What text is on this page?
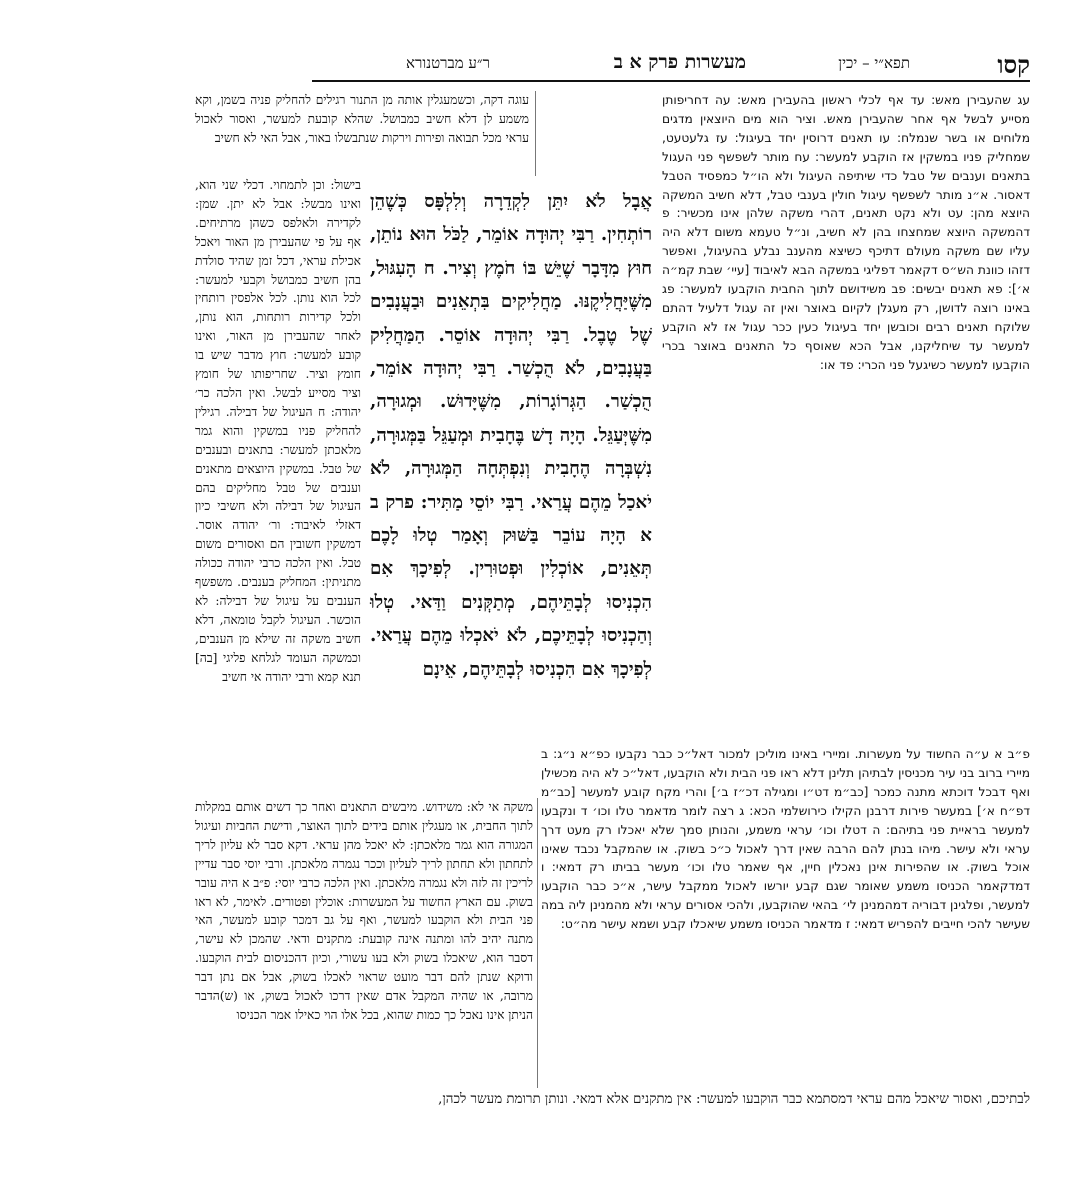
קסו
תפא״י – יכין
מעשרות פרק א ב
ר״ע מברטנורא

עג שהעבירן מאש: עד אף לכלי ראשון בהעבירן מאש: עה דחריפותן מסייע לבשל אף אחר שהעבירן מאש. וציר הוא מים היוצאין מדגים מלוחים או בשר שנמלח: עו תאנים דרוסין יחד בעיגול: עז גלעטעט, שמחליק פניו במשקין אז הוקבע למעשר: עח מותר לשפשף פני העגול בתאנים וענבים של טבל כדי שיתיפה העיגול ולא הו״ל כמפסיד הטבל דאסור. א״נ מותר לשפשף עיגול חולין בענבי טבל, דלא חשיב המשקה היוצא מהן: עט ולא נקט תאנים, דהרי משקה שלהן אינו מכשיר: פ דהמשקה היוצא שמחצחו בהן לא חשיב, ונ״ל טעמא משום דלא היה עליו שם משקה מעולם דתיכף כשיצא מהענב נבלע בהעיגול, ואפשר דזהו כוונת הש״ס דקאמר דפליגי במשקה הבא לאיבוד [עיי׳ שבת קמ״ה א׳]: פא תאנים יבשים: פב משידושם לתוך החבית הוקבעו למעשר: פג באינו רוצה לדושן, רק מעגלן לקיום באוצר ואין זה עגול דלעיל דהתם שלוקח תאנים רבים וכובשן יחד בעיגול כעין ככר עגול אז לא הוקבע למעשר עד שיחליקנו, אבל הכא שאוסף כל התאנים באוצר בכרי הוקבעו למעשר כשיגעל פני הכרי: פד או:

עוגה דקה, וכשמעגלין אותה מן התנור רגילים להחליק פניה בשמן, וקא משמע לן דלא חשיב כמבושל. שהלא קובעת למעשר, ואסור לאכול עראי מכל תבואה ופירות וירקות שנתבשלו באור, אבל האי לא חשיב

אֲבָל לֹא יִתֵּן לִקְדֵרָה וְלִלְפָּס כְּשֶׁהֵן רוֹתְחִין. רַבִּי יְהוּדָה אוֹמֵר, לַכֹּל הוּא נוֹתֵן, חוּץ מִדָּבָר שֶׁיֵּשׁ בּוֹ חֹמֶץ וְצִיר. ח הָעִגּוּל, מִשֶּׁיַּחֲלִיקֶנּוּ. מַחֲלִיקִים בִּתְאֵנִים וּבַעֲנָבִים שֶׁל טֶבֶל. רַבִּי יְהוּדָה אוֹסֵר. הַמַּחֲלִיק בַּעֲנָבִים, לֹא הֻכְשַׁר. רַבִּי יְהוּדָה אוֹמֵר, הֻכְשַׁר. הַגְּרוֹגָרוֹת, מִשֶּׁיָּדוּשׁ. וּמְגוּרָה, מִשֶּׁיְּעַגֵּל. הָיָה דָשׁ בֶּחָבִית וּמְעַגֵּל בַּמְּגוּרָה, נִשְׁבְּרָה הֶחָבִית וְנִפְתְּחָה הַמְּגוּרָה, לֹא יֹאכַל מֵהֶם עֲרַאי. רַבִּי יוֹסֵי מַתִּיר: פרק ב א הָיָה עוֹבֵר בַּשּׁוּק וְאָמַר טְלוּ לָכֶם תְּאֵנִים, אוֹכְלִין וּפְטוּרִין. לְפִיכָךְ אִם הִכְנִיסוּ לְבָתֵּיהֶם, מְתַקְּנִים וַדַּאי. טְלוּ וְהַכְנִיסוּ לְבָתֵּיכֶם, לֹא יֹאכְלוּ מֵהֶם עֲרַאי. לְפִיכָךְ אִם הִכְנִיסוּ לְבָתֵּיהֶם, אֵינָם

בישול: וכן לתמחוי. דכלי שני הוא, ואינו מבשל: אבל לא יתן. שמן: לקדירה ולאלפס כשהן מרתיחים. אף על פי שהעבירן מן האור ויאכל אכילת עראי, דכל זמן שהיד סולדת בהן חשיב כמבושל וקבעי למעשר: לכל הוא נותן. לכל אלפסין רותחין ולכל קדירות רותחות, הוא נותן, לאחר שהעבירן מן האור, ואינו קובע למעשר: חוץ מדבר שיש בו חומץ וציר. שחריפותו של חומץ וציר מסייע לבשל. ואין הלכה כר׳ יהודה: ח העיגול של דבילה. רגילין להחליק פניו במשקין והוא גמר מלאכתן למעשר: בתאנים ובענבים של טבל. במשקין היוצאים מתאנים וענבים של טבל מחליקים בהם העיגול של דבילה ולא חשיבי כיון דאזלי לאיבוד: ור׳ יהודה אוסר. דמשקין חשובין הם ואסורים משום טבל. ואין הלכה כרבי יהודה ככולה מתניתין: המחליק בענבים. משפשף הענבים על עיגול של דבילה: לא הוכשר. העיגול לקבל טומאה, דלא חשיב משקה זה שילא מן הענבים, וכמשקה העומד לגלחא פליגי [בה] תנא קמא ורבי יהודה אי חשיב

פ״ב א ע״ה החשוד על מעשרות. ומיירי באינו מוליכן למכור דאל״כ כבר נקבעו כפ״א נ״ג: ב מיירי ברוב בני עיר מכניסין לבתיהן תלינן דלא ראו פני הבית ולא הוקבעו, דאל״כ לא היה מכשילן ואף דבכל דוכתא מתנה כמכר [כב״מ דט״ו ומגילה דכ״ז ב׳] והרי מקח קובע למעשר [כב״מ דפ״ח א׳] במעשר פירות דרבנן הקילו כירושלמי הכא: ג רצה לומר מדאמר טלו וכו׳ ד ונקבעו למעשר בראיית פני בתיהם: ה דטלו וכו׳ עראי משמע, והנותן סמך שלא יאכלו רק מעט דרך עראי ולא עישר. מיהו בנתן להם הרבה שאין דרך לאכול כ״כ בשוק. או שהמקבל נכבד שאינו אוכל בשוק. או שהפירות אינן נאכלין חיין, אף שאמר טלו וכו׳ מעשר בביתו רק דמאי: ו דמדקאמר הכניסו משמע שאומר שגם קבע יורשו לאכול ממקבל עישר, א״כ כבר הוקבעו למעשר, ופלגינן דבוריה דמהמנינן לי׳ בהאי שהוקבעו, ולהכי אסורים עראי ולא מהמנינן ליה במה שעישר להכי חייבים להפריש דמאי: ז מדאמר הכניסו משמע שיאכלו קבע ושמא עישר מה״ט:

משקה אי לא: משידוש. מיבשים התאנים ואחר כך דשים אותם במקלות לתוך החבית, או מעגלין אותם בידים לתוך האוצר, ודישת החביות ועיגול המגורה הוא גמר מלאכתן: לא יאכל מהן עראי. דקא סבר לא עליון לריך לתחתון ולא תחתון לריך לעליון וככר נגמרה מלאכתן. ורבי יוסי סבר עדיין לריכין זה לזה ולא נגמרה מלאכתן. ואין הלכה כרבי יוסי: פ״ב א היה עובר בשוק. עם הארץ החשוד על המעשרות: אוכלין ופטורים. לאימר, לא ראו פני הבית ולא הוקבעו למעשר, ואף על גב דמכר קובע למעשר, האי מתנה יהיב להו ומתנה אינה קובעת: מתקנים ודאי. שהמכן לא עישר, דסבר הוא, שיאכלו בשוק ולא בעו עשורי, וכיון דהכניסום לבית הוקבעו. ודוקא שנתן להם דבר מועט שראוי לאכלו בשוק, אבל אם נתן דבר מרובה, או שהיה המקבל אדם שאין דרכו לאכול בשוק, או (ש)הדבר הניתן אינו נאכל כך כמות שהוא, בכל אלו הוי כאילו אמר הכניסו

לבתיכם, ואסור שיאכל מהם עראי דמסתמא כבר הוקבעו למעשר: אין מתקנים אלא דמאי. ונותן תרומת מעשר לכהן,
